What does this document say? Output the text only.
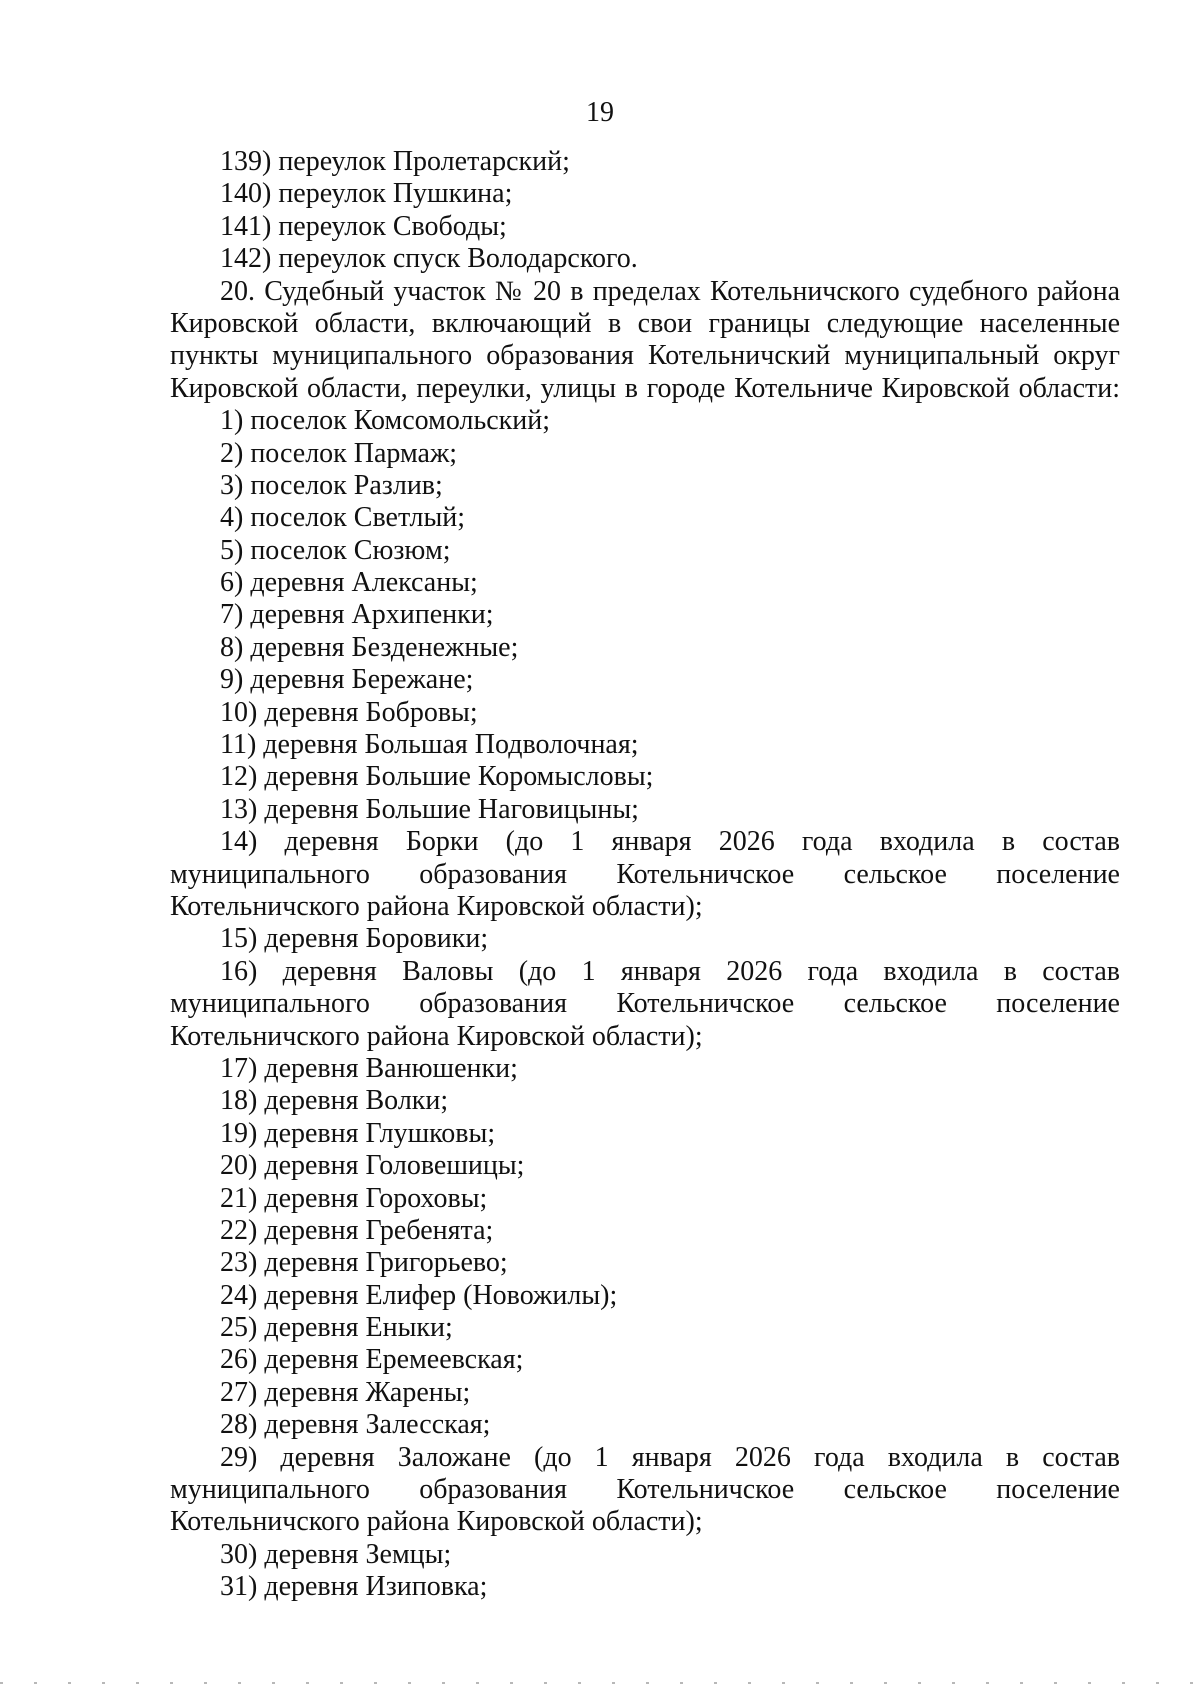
19
139) переулок Пролетарский;
140) переулок Пушкина;
141) переулок Свободы;
142) переулок спуск Володарского.
20. Судебный участок № 20 в пределах Котельничского судебного района
Кировской области, включающий в свои границы следующие населенные
пункты муниципального образования Котельничский муниципальный округ
Кировской области, переулки, улицы в городе Котельниче Кировской области:
1) поселок Комсомольский;
2) поселок Пармаж;
3) поселок Разлив;
4) поселок Светлый;
5) поселок Сюзюм;
6) деревня Алексаны;
7) деревня Архипенки;
8) деревня Безденежные;
9) деревня Бережане;
10) деревня Бобровы;
11) деревня Большая Подволочная;
12) деревня Большие Коромысловы;
13) деревня Большие Наговицыны;
14) деревня Борки (до 1 января 2026 года входила в состав
муниципального образования Котельничское сельское поселение
Котельничского района Кировской области);
15) деревня Боровики;
16) деревня Валовы (до 1 января 2026 года входила в состав
муниципального образования Котельничское сельское поселение
Котельничского района Кировской области);
17) деревня Ванюшенки;
18) деревня Волки;
19) деревня Глушковы;
20) деревня Головешицы;
21) деревня Гороховы;
22) деревня Гребенята;
23) деревня Григорьево;
24) деревня Елифер (Новожилы);
25) деревня Еныки;
26) деревня Еремеевская;
27) деревня Жарены;
28) деревня Залесская;
29) деревня Заложане (до 1 января 2026 года входила в состав
муниципального образования Котельничское сельское поселение
Котельничского района Кировской области);
30) деревня Земцы;
31) деревня Изиповка;
